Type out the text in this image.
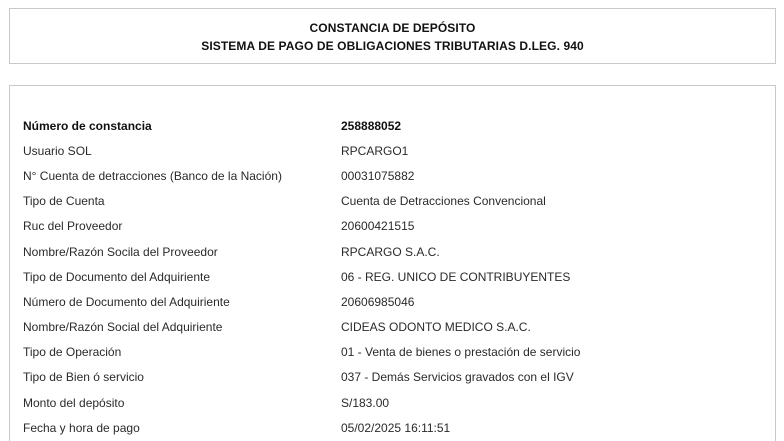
CONSTANCIA DE DEPÓSITO
SISTEMA DE PAGO DE OBLIGACIONES TRIBUTARIAS D.LEG. 940
Número de constancia	258888052
Usuario SOL	RPCARGO1
N° Cuenta de detracciones (Banco de la Nación)	00031075882
Tipo de Cuenta	Cuenta de Detracciones Convencional
Ruc del Proveedor	20600421515
Nombre/Razón Socila del Proveedor	RPCARGO S.A.C.
Tipo de Documento del Adquiriente	06 - REG. UNICO DE CONTRIBUYENTES
Número de Documento del Adquiriente	20606985046
Nombre/Razón Social del Adquiriente	CIDEAS ODONTO MEDICO S.A.C.
Tipo de Operación	01 - Venta de bienes o prestación de servicio
Tipo de Bien ó servicio	037 - Demás Servicios gravados con el IGV
Monto del depósito	S/183.00
Fecha y hora de pago	05/02/2025 16:11:51
